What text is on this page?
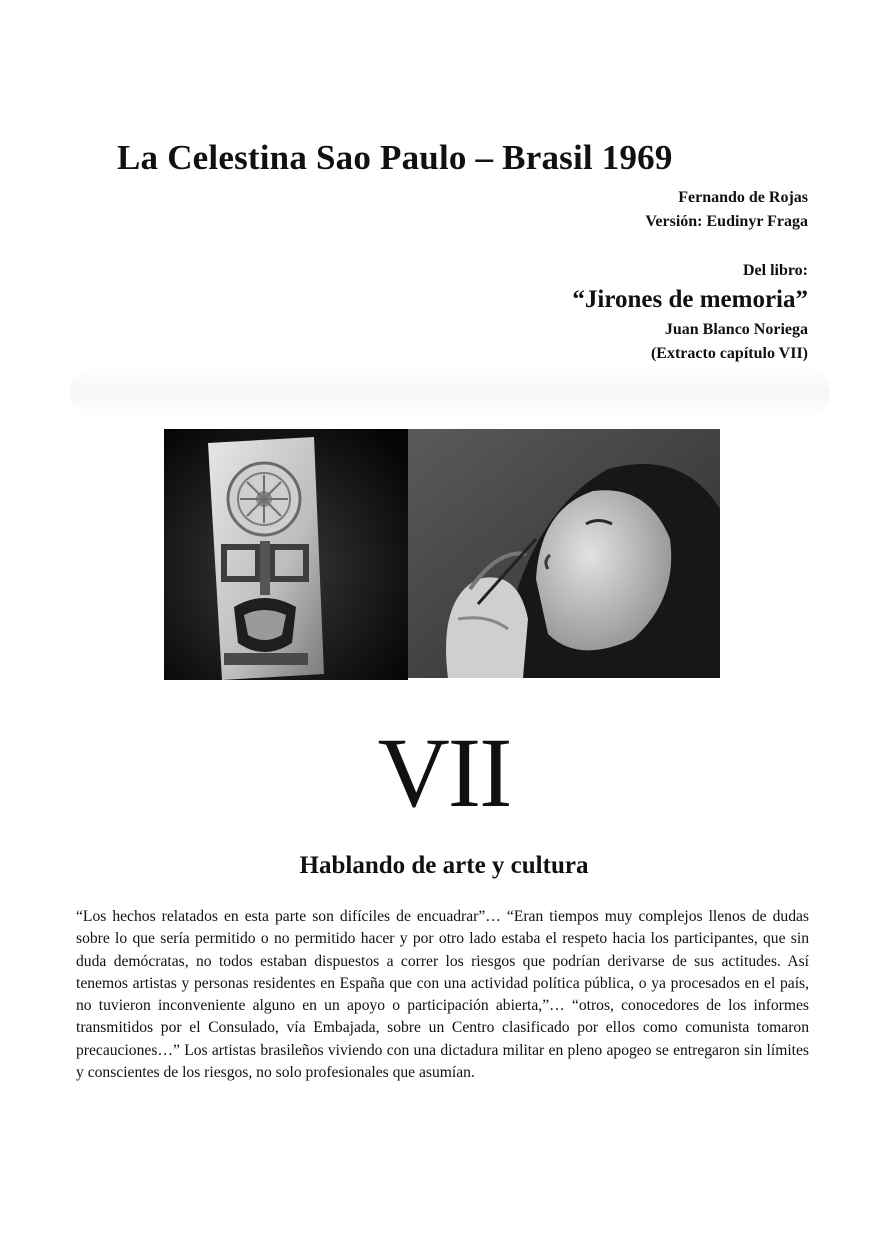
La Celestina Sao Paulo – Brasil 1969
Fernando de Rojas
Versión: Eudinyr Fraga
Del libro:
“Jirones de memoria”
Juan Blanco Noriega
(Extracto capítulo VII)
VII
Hablando de arte y cultura
“Los hechos relatados en esta parte son difíciles de encuadrar”… “Eran tiempos muy complejos llenos de dudas sobre lo que sería permitido o no permitido hacer y por otro lado estaba el respeto hacia los participantes, que sin duda demócratas, no todos estaban dispuestos a correr los riesgos que podrían derivarse de sus actitudes. Así tenemos artistas y personas residentes en España que con una actividad política pública, o ya procesados en el país, no tuvieron inconveniente alguno en un apoyo o participación abierta,”… “otros, conocedores de los informes transmitidos por el Consulado, vía Embajada, sobre un Centro clasificado por ellos como comunista tomaron precauciones…” Los artistas brasileños viviendo con una dictadura militar en pleno apogeo se entregaron sin límites y conscientes de los riesgos, no solo profesionales que asumían.
